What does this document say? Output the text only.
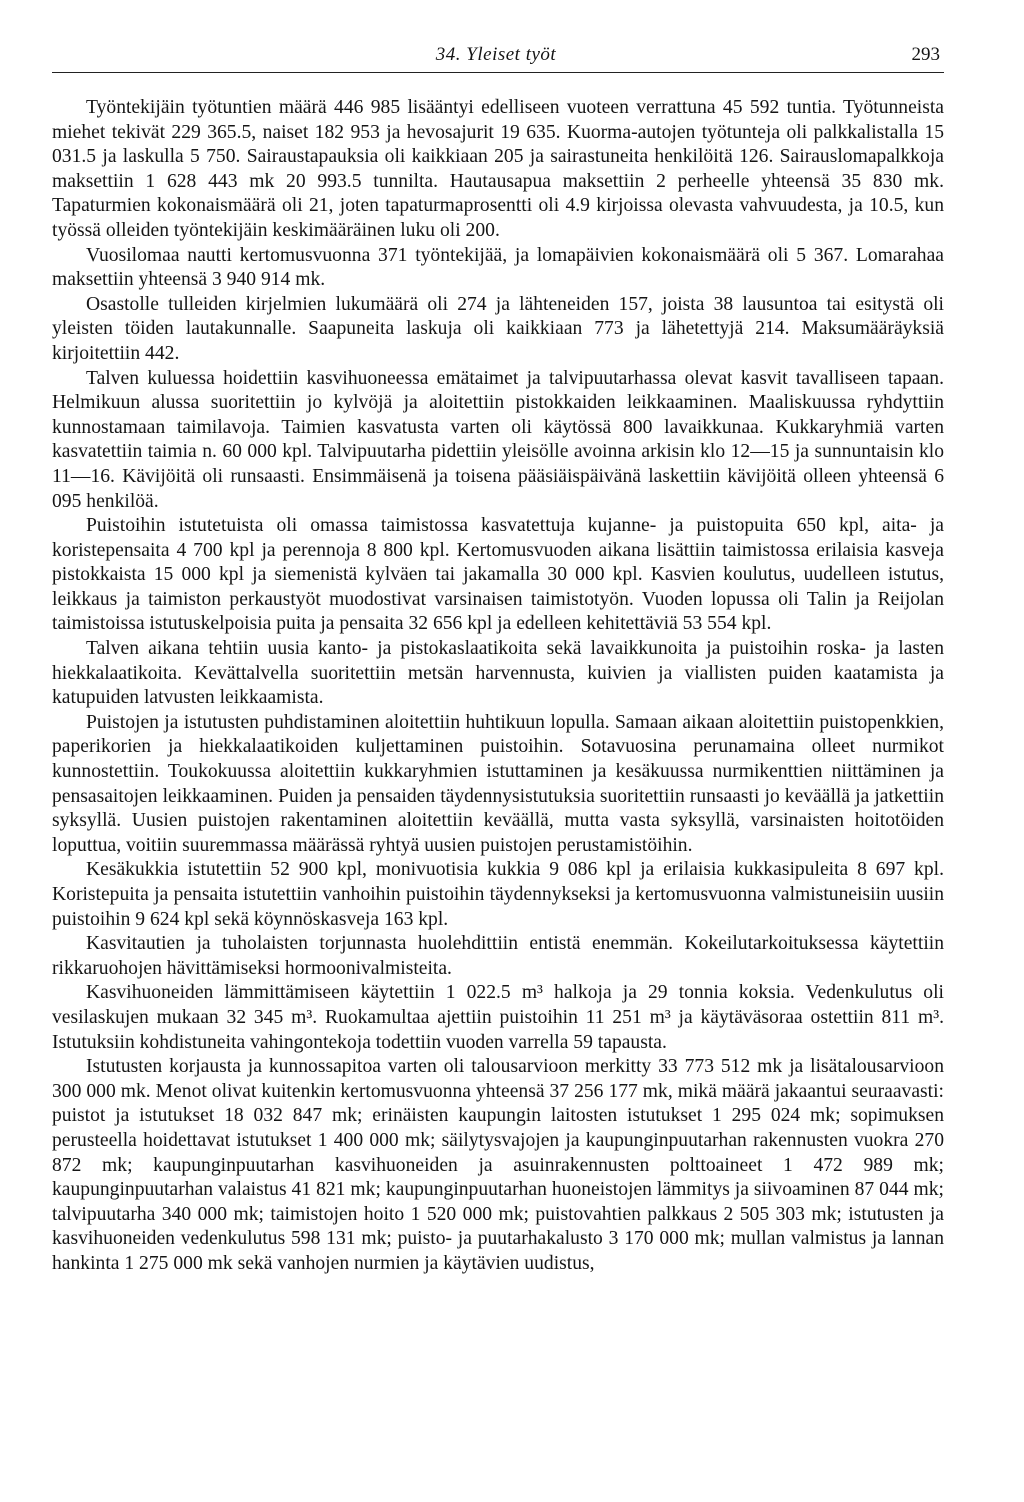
34. Yleiset työt	293

Työntekijäin työtuntien määrä 446 985 lisääntyi edelliseen vuoteen verrattuna 45 592 tuntia. Työtunneista miehet tekivät 229 365.5, naiset 182 953 ja hevosajurit 19 635. Kuorma-autojen työtunteja oli palkkalistalla 15 031.5 ja laskulla 5 750. Sairaustapauksia oli kaikkiaan 205 ja sairastuneita henkilöitä 126. Sairauslomapalkkoja maksettiin 1 628 443 mk 20 993.5 tunnilta. Hautausapua maksettiin 2 perheelle yhteensä 35 830 mk. Tapaturmien kokonaismäärä oli 21, joten tapaturmaprosentti oli 4.9 kirjoissa olevasta vahvuudesta, ja 10.5, kun työssä olleiden työntekijäin keskimääräinen luku oli 200.

Vuosilomaa nautti kertomusvuonna 371 työntekijää, ja lomapäivien kokonaismäärä oli 5 367. Lomarahaa maksettiin yhteensä 3 940 914 mk.

Osastolle tulleiden kirjelmien lukumäärä oli 274 ja lähteneiden 157, joista 38 lausuntoa tai esitystä oli yleisten töiden lautakunnalle. Saapuneita laskuja oli kaikkiaan 773 ja lähetettyjä 214. Maksumääräyksiä kirjoitettiin 442.

Talven kuluessa hoidettiin kasvihuoneessa emätaimet ja talvipuutarhassa olevat kasvit tavalliseen tapaan. Helmikuun alussa suoritettiin jo kylvöjä ja aloitettiin pistokkaiden leikkaaminen. Maaliskuussa ryhdyttiin kunnostamaan taimilavoja. Taimien kasvatusta varten oli käytössä 800 lavaikkunaa. Kukkaryhmiä varten kasvatettiin taimia n. 60 000 kpl. Talvipuutarha pidettiin yleisölle avoinna arkisin klo 12—15 ja sunnuntaisin klo 11—16. Kävijöitä oli runsaasti. Ensimmäisenä ja toisena pääsiäispäivänä laskettiin kävijöitä olleen yhteensä 6 095 henkilöä.

Puistoihin istutetuista oli omassa taimistossa kasvatettuja kujanne- ja puistopuita 650 kpl, aita- ja koristepensaita 4 700 kpl ja perennoja 8 800 kpl. Kertomusvuoden aikana lisättiin taimistossa erilaisia kasveja pistokkaista 15 000 kpl ja siemenistä kylväen tai jakamalla 30 000 kpl. Kasvien koulutus, uudelleen istutus, leikkaus ja taimiston perkaustyöt muodostivat varsinaisen taimistotyön. Vuoden lopussa oli Talin ja Reijolan taimistoissa istutuskelpoisia puita ja pensaita 32 656 kpl ja edelleen kehitettäviä 53 554 kpl.

Talven aikana tehtiin uusia kanto- ja pistokaslaatikoita sekä lavaikkunoita ja puistoihin roska- ja lasten hiekkalaatikoita. Kevättalvella suoritettiin metsän harvennusta, kuivien ja viallisten puiden kaatamista ja katupuiden latvusten leikkaamista.

Puistojen ja istutusten puhdistaminen aloitettiin huhtikuun lopulla. Samaan aikaan aloitettiin puistopenkkien, paperikorien ja hiekkalaatikoiden kuljettaminen puistoihin. Sotavuosina perunamaina olleet nurmikot kunnostettiin. Toukokuussa aloitettiin kukkaryhmien istuttaminen ja kesäkuussa nurmikenttien niittäminen ja pensasaitojen leikkaaminen. Puiden ja pensaiden täydennysistutuksia suoritettiin runsaasti jo keväällä ja jatkettiin syksyllä. Uusien puistojen rakentaminen aloitettiin keväällä, mutta vasta syksyllä, varsinaisten hoitotöiden loputtua, voitiin suuremmassa määrässä ryhtyä uusien puistojen perustamistöihin.

Kesäkukkia istutettiin 52 900 kpl, monivuotisia kukkia 9 086 kpl ja erilaisia kukkasipuleita 8 697 kpl. Koristepuita ja pensaita istutettiin vanhoihin puistoihin täydennykseksi ja kertomusvuonna valmistuneisiin uusiin puistoihin 9 624 kpl sekä köynnöskasveja 163 kpl.

Kasvitautien ja tuholaisten torjunnasta huolehdittiin entistä enemmän. Kokeilutarkoituksessa käytettiin rikkaruohojen hävittämiseksi hormoonivalmisteita.

Kasvihuoneiden lämmittämiseen käytettiin 1 022.5 m³ halkoja ja 29 tonnia koksia. Vedenkulutus oli vesilaskujen mukaan 32 345 m³. Ruokamultaa ajettiin puistoihin 11 251 m³ ja käytäväsoraa ostettiin 811 m³. Istutuksiin kohdistuneita vahingontekoja todettiin vuoden varrella 59 tapausta.

Istutusten korjausta ja kunnossapitoa varten oli talousarvioon merkitty 33 773 512 mk ja lisätalousarvioon 300 000 mk. Menot olivat kuitenkin kertomusvuonna yhteensä 37 256 177 mk, mikä määrä jakaantui seuraavasti: puistot ja istutukset 18 032 847 mk; erinäisten kaupungin laitosten istutukset 1 295 024 mk; sopimuksen perusteella hoidettavat istutukset 1 400 000 mk; säilytysvajojen ja kaupunginpuutarhan rakennusten vuokra 270 872 mk; kaupunginpuutarhan kasvihuoneiden ja asuinrakennusten polttoaineet 1 472 989 mk; kaupunginpuutarhan valaistus 41 821 mk; kaupunginpuutarhan huoneistojen lämmitys ja siivoaminen 87 044 mk; talvipuutarha 340 000 mk; taimistojen hoito 1 520 000 mk; puistovahtien palkkaus 2 505 303 mk; istutusten ja kasvihuoneiden vedenkulutus 598 131 mk; puisto- ja puutarhakalusto 3 170 000 mk; mullan valmistus ja lannan hankinta 1 275 000 mk sekä vanhojen nurmien ja käytävien uudistus,
